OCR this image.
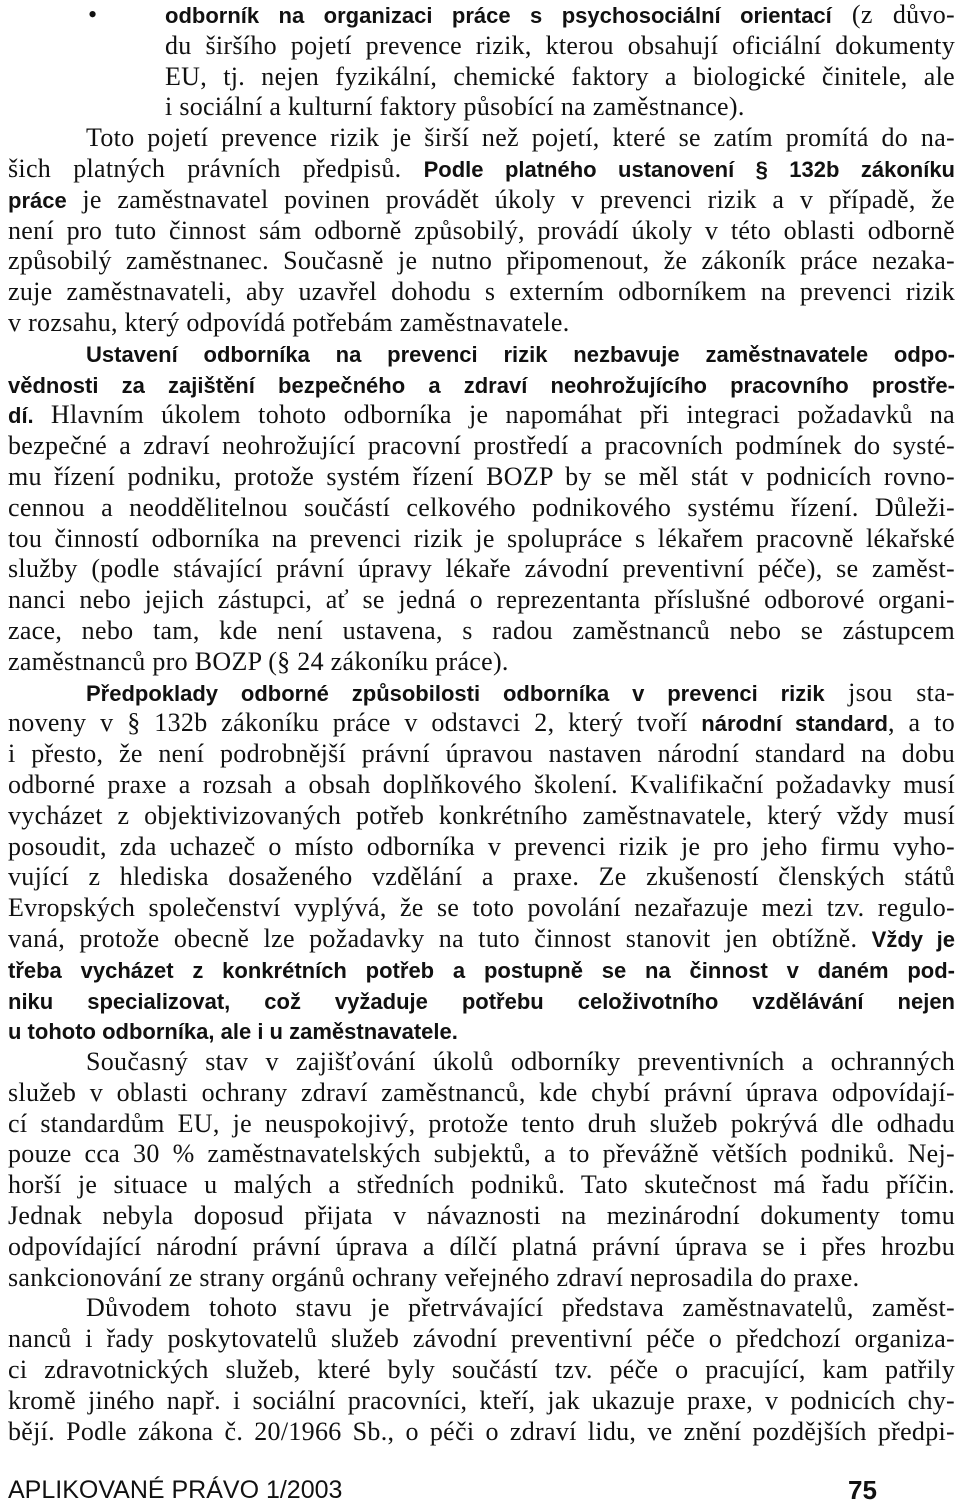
•	odborník na organizaci práce s psychosociální orientací (z důvo-
du širšího pojetí prevence rizik, kterou obsahují oficiální dokumenty
EU, tj. nejen fyzikální, chemické faktory a biologické činitele, ale
i sociální a kulturní faktory působící na zaměstnance).
Toto pojetí prevence rizik je širší než pojetí, které se zatím promítá do na-
šich platných právních předpisů. Podle platného ustanovení § 132b zákoníku
práce je zaměstnavatel povinen provádět úkoly v prevenci rizik a v případě, že
není pro tuto činnost sám odborně způsobilý, provádí úkoly v této oblasti odborně
způsobilý zaměstnanec. Současně je nutno připomenout, že zákoník práce nezaka-
zuje zaměstnavateli, aby uzavřel dohodu s externím odborníkem na prevenci rizik
v rozsahu, který odpovídá potřebám zaměstnavatele.
Ustavení odborníka na prevenci rizik nezbavuje zaměstnavatele odpo-
vědnosti za zajištění bezpečného a zdraví neohrožujícího pracovního prostře-
dí. Hlavním úkolem tohoto odborníka je napomáhat při integraci požadavků na
bezpečné a zdraví neohrožující pracovní prostředí a pracovních podmínek do systé-
mu řízení podniku, protože systém řízení BOZP by se měl stát v podnicích rovno-
cennou a neoddělitelnou součástí celkového podnikového systému řízení. Důleži-
tou činností odborníka na prevenci rizik je spolupráce s lékařem pracovně lékařské
služby (podle stávající právní úpravy lékaře závodní preventivní péče), se zaměst-
nanci nebo jejich zástupci, ať se jedná o reprezentanta příslušné odborové organi-
zace, nebo tam, kde není ustavena, s radou zaměstnanců nebo se zástupcem
zaměstnanců pro BOZP (§ 24 zákoníku práce).
Předpoklady odborné způsobilosti odborníka v prevenci rizik jsou sta-
noveny v § 132b zákoníku práce v odstavci 2, který tvoří národní standard, a to
i přesto, že není podrobnější právní úpravou nastaven národní standard na dobu
odborné praxe a rozsah a obsah doplňkového školení. Kvalifikační požadavky musí
vycházet z objektivizovaných potřeb konkrétního zaměstnavatele, který vždy musí
posoudit, zda uchazeč o místo odborníka v prevenci rizik je pro jeho firmu vyho-
vující z hlediska dosaženého vzdělání a praxe. Ze zkušeností členských států
Evropských společenství vyplývá, že se toto povolání nezařazuje mezi tzv. regulo-
vaná, protože obecně lze požadavky na tuto činnost stanovit jen obtížně. Vždy je
třeba vycházet z konkrétních potřeb a postupně se na činnost v daném pod-
niku specializovat, což vyžaduje potřebu celoživotního vzdělávání nejen
u tohoto odborníka, ale i u zaměstnavatele.
Současný stav v zajišťování úkolů odborníky preventivních a ochranných
služeb v oblasti ochrany zdraví zaměstnanců, kde chybí právní úprava odpovídají-
cí standardům EU, je neuspokojivý, protože tento druh služeb pokrývá dle odhadu
pouze cca 30 % zaměstnavatelských subjektů, a to převážně větších podniků. Nej-
horší je situace u malých a středních podniků. Tato skutečnost má řadu příčin.
Jednak nebyla doposud přijata v návaznosti na mezinárodní dokumenty tomu
odpovídající národní právní úprava a dílčí platná právní úprava se i přes hrozbu
sankcionování ze strany orgánů ochrany veřejného zdraví neprosadila do praxe.
Důvodem tohoto stavu je přetrvávající představa zaměstnavatelů, zaměst-
nanců i řady poskytovatelů služeb závodní preventivní péče o předchozí organiza-
ci zdravotnických služeb, které byly součástí tzv. péče o pracující, kam patřily
kromě jiného např. i sociální pracovníci, kteří, jak ukazuje praxe, v podnicích chy-
bějí. Podle zákona č. 20/1966 Sb., o péči o zdraví lidu, ve znění pozdějších předpi-
APLIKOVANÉ PRÁVO 1/2003	75
